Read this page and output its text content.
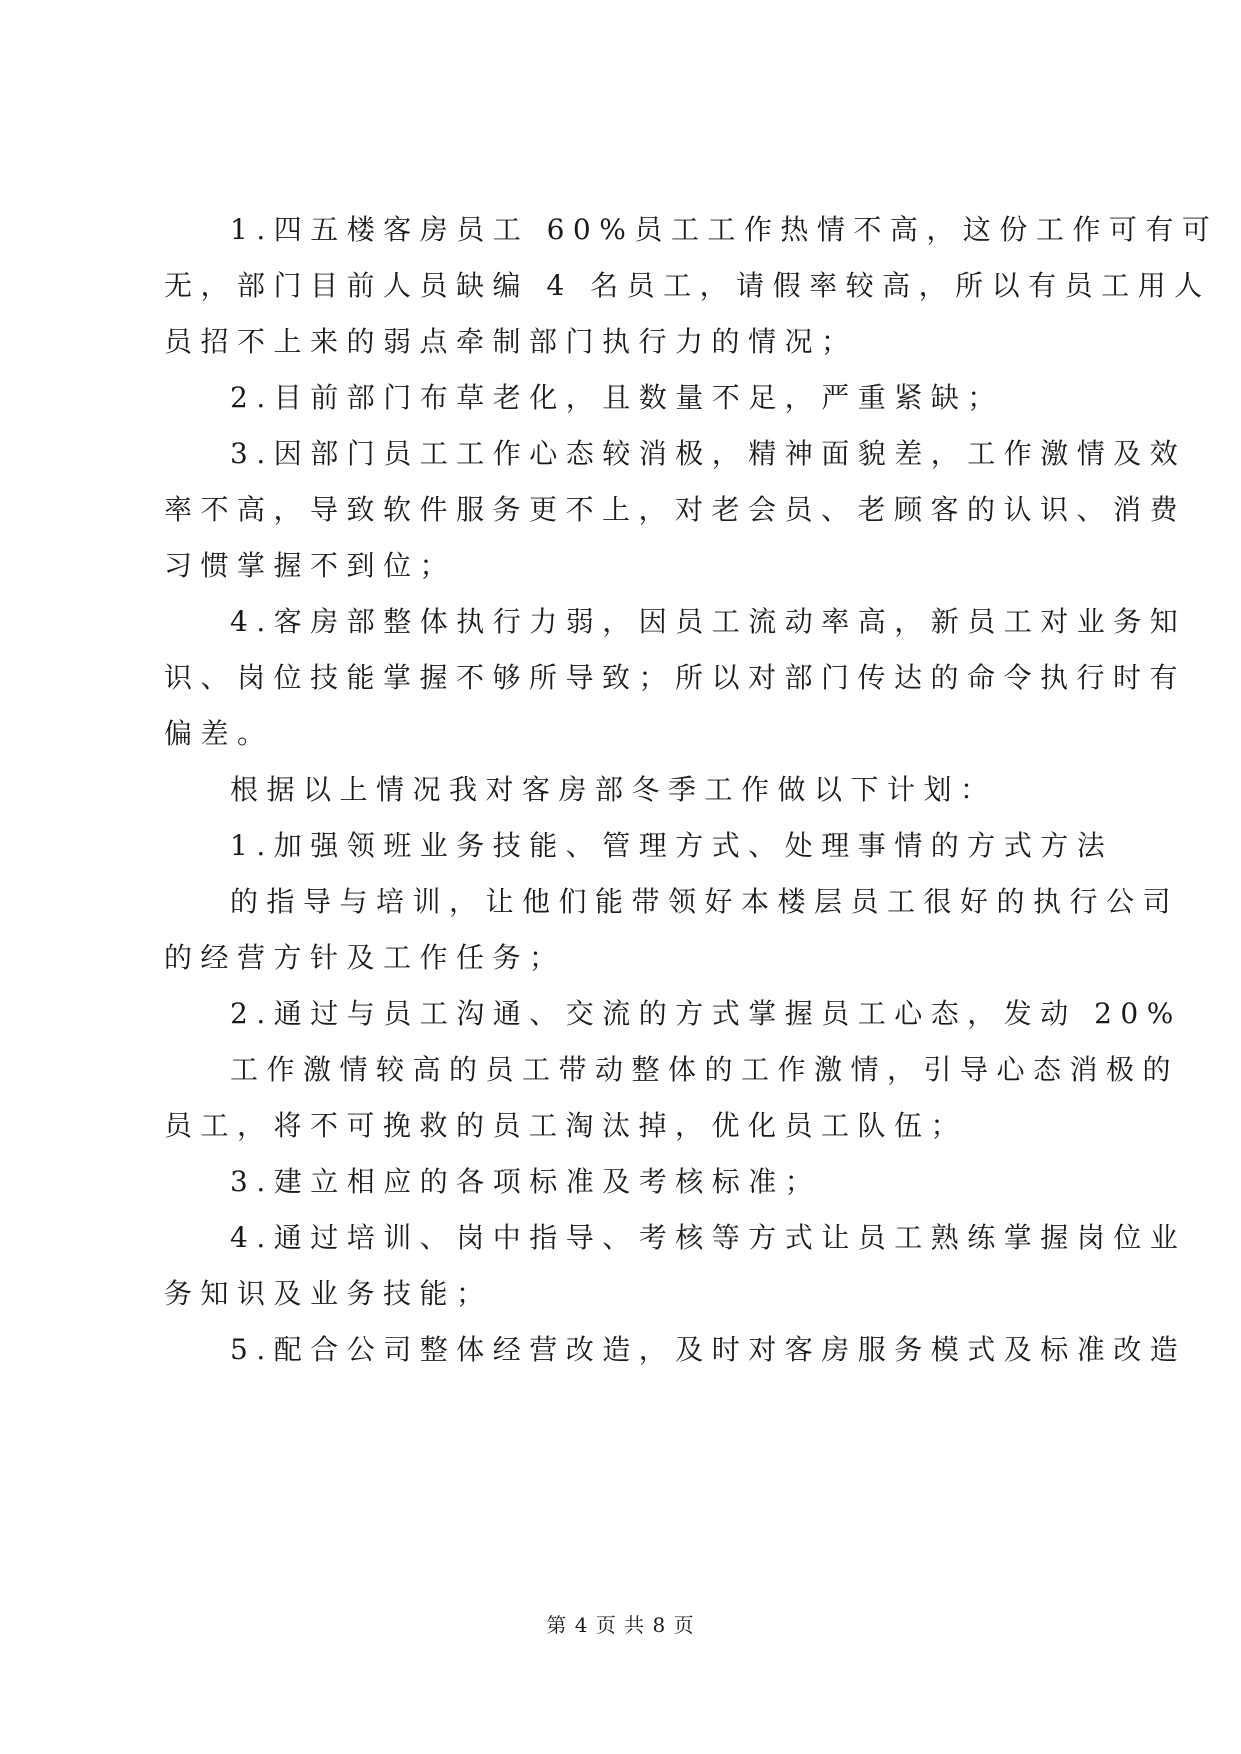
1.四五楼客房员工 60%员工工作热情不高，这份工作可有可
无，部门目前人员缺编 4 名员工，请假率较高，所以有员工用人
员招不上来的弱点牵制部门执行力的情况；
2.目前部门布草老化，且数量不足，严重紧缺；
3.因部门员工工作心态较消极，精神面貌差，工作激情及效
率不高，导致软件服务更不上，对老会员、老顾客的认识、消费
习惯掌握不到位；
4.客房部整体执行力弱，因员工流动率高，新员工对业务知
识、岗位技能掌握不够所导致；所以对部门传达的命令执行时有
偏差。
根据以上情况我对客房部冬季工作做以下计划：
1.加强领班业务技能、管理方式、处理事情的方式方法
的指导与培训，让他们能带领好本楼层员工很好的执行公司
的经营方针及工作任务；
2.通过与员工沟通、交流的方式掌握员工心态，发动 20%
工作激情较高的员工带动整体的工作激情，引导心态消极的
员工，将不可挽救的员工淘汰掉，优化员工队伍；
3.建立相应的各项标准及考核标准；
4.通过培训、岗中指导、考核等方式让员工熟练掌握岗位业
务知识及业务技能；
5.配合公司整体经营改造，及时对客房服务模式及标准改造
第 4 页 共 8 页
